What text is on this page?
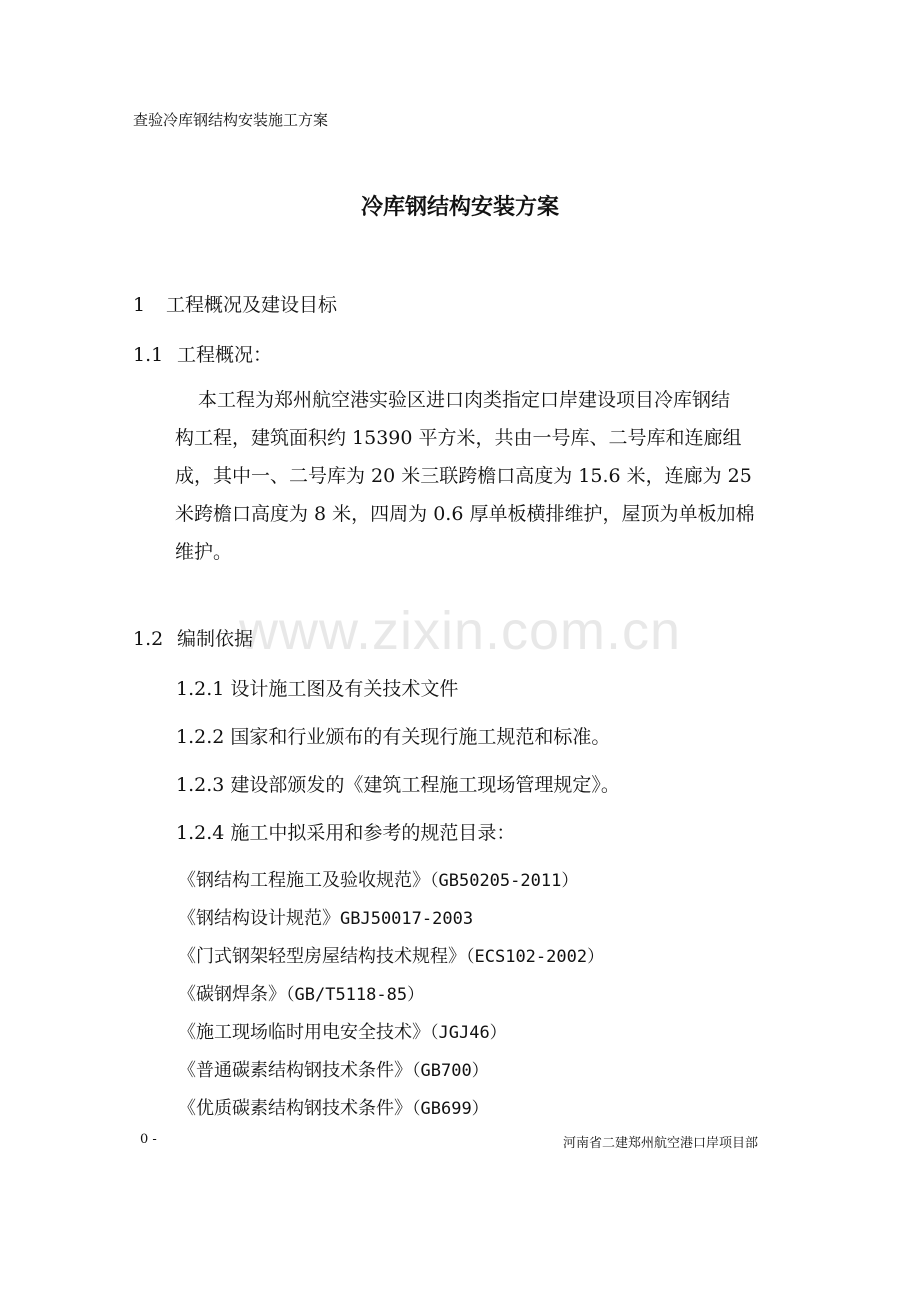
查验冷库钢结构安装施工方案
冷库钢结构安装方案
1 工程概况及建设目标
1.1 工程概况：
本工程为郑州航空港实验区进口肉类指定口岸建设项目冷库钢结
构工程，建筑面积约 15390 平方米，共由一号库、二号库和连廊组
成，其中一、二号库为 20 米三联跨檐口高度为 15.6 米，连廊为 25
米跨檐口高度为 8 米，四周为 0.6 厚单板横排维护，屋顶为单板加棉
维护。
www.zixin.com.cn
1.2 编制依据
1.2.1 设计施工图及有关技术文件
1.2.2 国家和行业颁布的有关现行施工规范和标准。
1.2.3 建设部颁发的《建筑工程施工现场管理规定》。
1.2.4 施工中拟采用和参考的规范目录：
《钢结构工程施工及验收规范》（GB50205-2011）
《钢结构设计规范》GBJ50017-2003
《门式钢架轻型房屋结构技术规程》（ECS102-2002）
《碳钢焊条》（GB/T5118-85）
《施工现场临时用电安全技术》（JGJ46）
《普通碳素结构钢技术条件》（GB700）
《优质碳素结构钢技术条件》（GB699）
0 -	河南省二建郑州航空港口岸项目部
